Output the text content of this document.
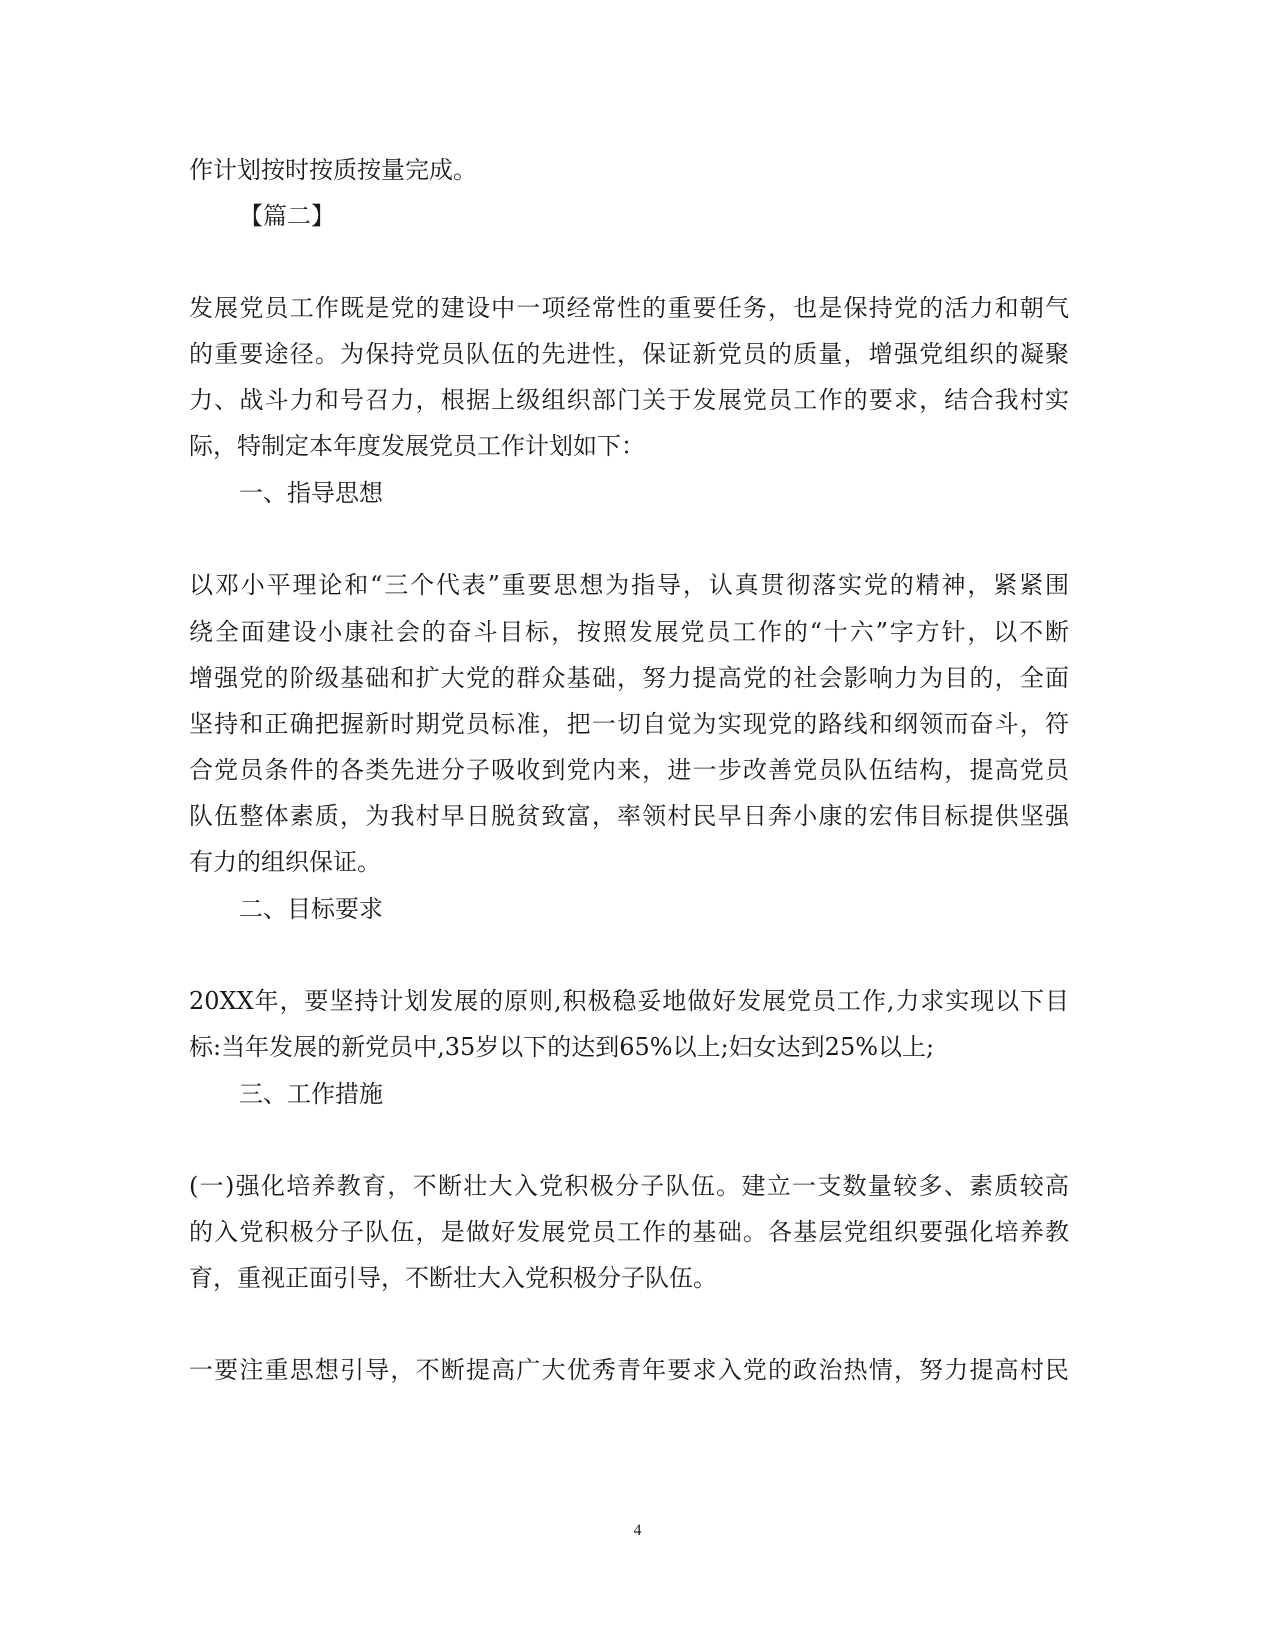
作计划按时按质按量完成。
【篇二】
发展党员工作既是党的建设中一项经常性的重要任务，也是保持党的活力和朝气
的重要途径。为保持党员队伍的先进性，保证新党员的质量，增强党组织的凝聚
力、战斗力和号召力，根据上级组织部门关于发展党员工作的要求，结合我村实
际，特制定本年度发展党员工作计划如下：
一、指导思想
以邓小平理论和“三个代表”重要思想为指导，认真贯彻落实党的精神，紧紧围
绕全面建设小康社会的奋斗目标，按照发展党员工作的“十六”字方针，以不断
增强党的阶级基础和扩大党的群众基础，努力提高党的社会影响力为目的，全面
坚持和正确把握新时期党员标准，把一切自觉为实现党的路线和纲领而奋斗，符
合党员条件的各类先进分子吸收到党内来，进一步改善党员队伍结构，提高党员
队伍整体素质，为我村早日脱贫致富，率领村民早日奔小康的宏伟目标提供坚强
有力的组织保证。
二、目标要求
20XX年，要坚持计划发展的原则,积极稳妥地做好发展党员工作,力求实现以下目
标:当年发展的新党员中,35岁以下的达到65%以上;妇女达到25%以上;
三、工作措施
(一)强化培养教育，不断壮大入党积极分子队伍。建立一支数量较多、素质较高
的入党积极分子队伍，是做好发展党员工作的基础。各基层党组织要强化培养教
育，重视正面引导，不断壮大入党积极分子队伍。
一要注重思想引导，不断提高广大优秀青年要求入党的政治热情，努力提高村民
4
